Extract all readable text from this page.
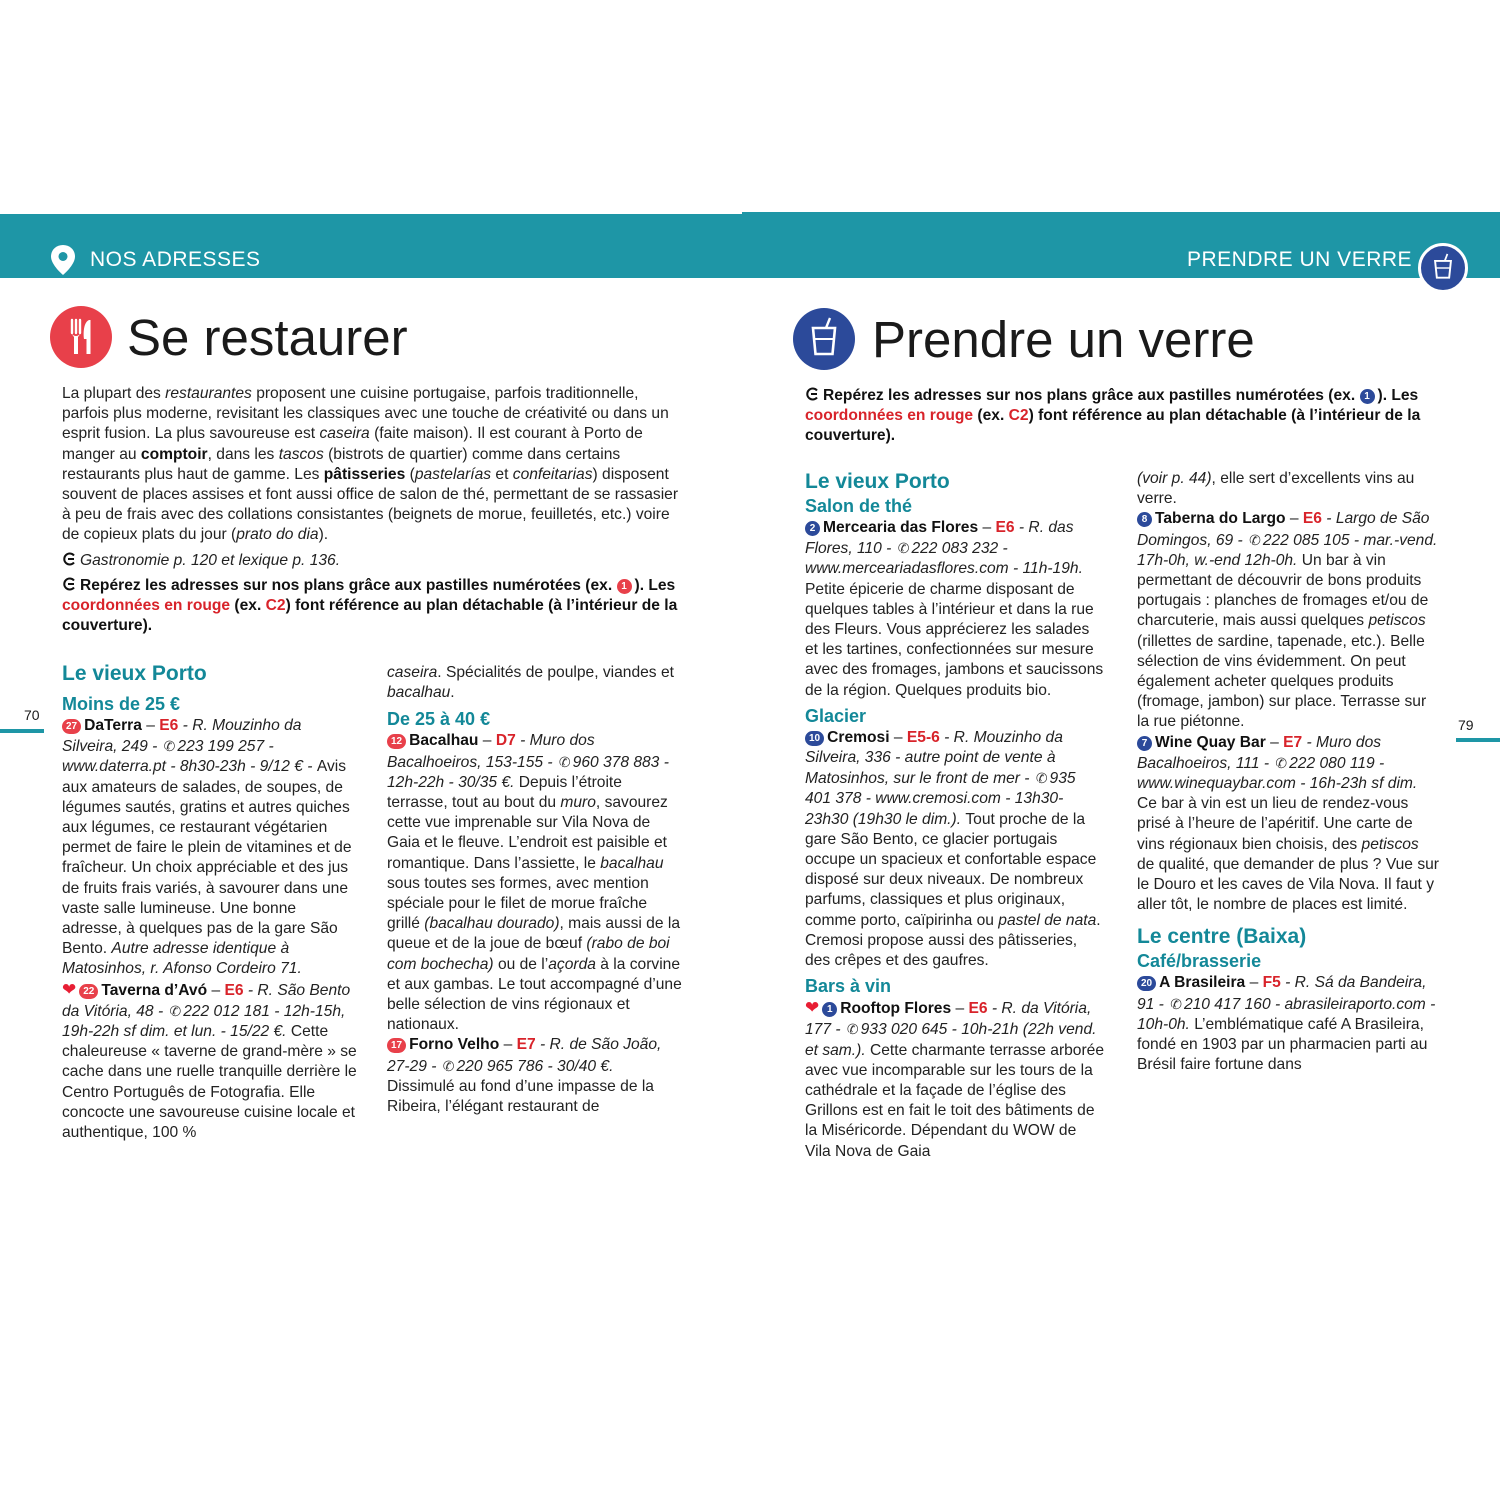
NOS ADRESSES	PRENDRE UN VERRE
Se restaurer
70

La plupart des restaurantes proposent une cuisine portugaise, parfois traditionnelle, parfois plus moderne, revisitant les classiques avec une touche de créativité ou dans un esprit fusion. La plus savoureuse est caseira (faite maison). Il est courant à Porto de manger au comptoir, dans les tascos (bistrots de quartier) comme dans certains restaurants plus haut de gamme. Les pâtisseries (pastelarías et confeitarias) disposent souvent de places assises et font aussi office de salon de thé, permettant de se rassasier à peu de frais avec des collations consistantes (beignets de morue, feuilletés, etc.) voire de copieux plats du jour (prato do dia).

Gastronomie p. 120 et lexique p. 136.

Repérez les adresses sur nos plans grâce aux pastilles numérotées (ex. 1 ). Les coordonnées en rouge (ex. C2) font référence au plan détachable (à l’intérieur de la couverture).

Le vieux Porto
Moins de 25 €

27 DaTerra – E6 - R. Mouzinho da Silveira, 249 - ✆ 223 199 257 - www.daterra.pt - 8h30-23h - 9/12 € - Avis aux amateurs de salades, de soupes, de légumes sautés, gratins et autres quiches aux légumes, ce restaurant végétarien permet de faire le plein de vitamines et de fraîcheur. Un choix appréciable et des jus de fruits frais variés, à savourer dans une vaste salle lumineuse. Une bonne adresse, à quelques pas de la gare São Bento. Autre adresse identique à Matosinhos, r. Afonso Cordeiro 71.

❤ 22 Taverna d’Avó – E6 - R. São Bento da Vitória, 48 - ✆ 222 012 181 - 12h-15h, 19h-22h sf dim. et lun. - 15/22 €. Cette chaleureuse « taverne de grand-mère » se cache dans une ruelle tranquille derrière le Centro Português de Fotografia. Elle concocte une savoureuse cuisine locale et authentique, 100 %

caseira. Spécialités de poulpe, viandes et bacalhau.

De 25 à 40 €

12 Bacalhau – D7 - Muro dos Bacalhoeiros, 153-155 - ✆ 960 378 883 - 12h-22h - 30/35 €. Depuis l’étroite terrasse, tout au bout du muro, savourez cette vue imprenable sur Vila Nova de Gaia et le fleuve. L’endroit est paisible et romantique. Dans l’assiette, le bacalhau sous toutes ses formes, avec mention spéciale pour le filet de morue fraîche grillé (bacalhau dourado), mais aussi de la queue et de la joue de bœuf (rabo de boi com bochecha) ou de l’açorda à la corvine et aux gambas. Le tout accompagné d’une belle sélection de vins régionaux et nationaux.

17 Forno Velho – E7 - R. de São João, 27-29 - ✆ 220 965 786 - 30/40 €. Dissimulé au fond d’une impasse de la Ribeira, l’élégant restaurant de

Prendre un verre
79

Repérez les adresses sur nos plans grâce aux pastilles numérotées (ex. 1 ). Les coordonnées en rouge (ex. C2) font référence au plan détachable (à l’intérieur de la couverture).

Le vieux Porto
Salon de thé

2 Mercearia das Flores – E6 - R. das Flores, 110 - ✆ 222 083 232 - www.merceariadasflores.com - 11h-19h. Petite épicerie de charme disposant de quelques tables à l’intérieur et dans la rue des Fleurs. Vous apprécierez les salades et les tartines, confectionnées sur mesure avec des fromages, jambons et saucissons de la région. Quelques produits bio.

Glacier

10 Cremosi – E5-6 - R. Mouzinho da Silveira, 336 - autre point de vente à Matosinhos, sur le front de mer - ✆ 935 401 378 - www.cremosi.com - 13h30-23h30 (19h30 le dim.). Tout proche de la gare São Bento, ce glacier portugais occupe un spacieux et confortable espace disposé sur deux niveaux. De nombreux parfums, classiques et plus originaux, comme porto, caïpirinha ou pastel de nata. Cremosi propose aussi des pâtisseries, des crêpes et des gaufres.

Bars à vin

❤ 1 Rooftop Flores – E6 - R. da Vitória, 177 - ✆ 933 020 645 - 10h-21h (22h vend. et sam.). Cette charmante terrasse arborée avec vue incomparable sur les tours de la cathédrale et la façade de l’église des Grillons est en fait le toit des bâtiments de la Miséricorde. Dépendant du WOW de Vila Nova de Gaia

(voir p. 44), elle sert d’excellents vins au verre.

8 Taberna do Largo – E6 - Largo de São Domingos, 69 - ✆ 222 085 105 - mar.-vend. 17h-0h, w.-end 12h-0h. Un bar à vin permettant de découvrir de bons produits portugais : planches de fromages et/ou de charcuterie, mais aussi quelques petiscos (rillettes de sardine, tapenade, etc.). Belle sélection de vins évidemment. On peut également acheter quelques produits (fromage, jambon) sur place. Terrasse sur la rue piétonne.

7 Wine Quay Bar – E7 - Muro dos Bacalhoeiros, 111 - ✆ 222 080 119 - www.winequaybar.com - 16h-23h sf dim. Ce bar à vin est un lieu de rendez-vous prisé à l’heure de l’apéritif. Une carte de vins régionaux bien choisis, des petiscos de qualité, que demander de plus ? Vue sur le Douro et les caves de Vila Nova. Il faut y aller tôt, le nombre de places est limité.

Le centre (Baixa)
Café/brasserie

20 A Brasileira – F5 - R. Sá da Bandeira, 91 - ✆ 210 417 160 - abrasileiraporto.com - 10h-0h. L’emblématique café A Brasileira, fondé en 1903 par un pharmacien parti au Brésil faire fortune dans
